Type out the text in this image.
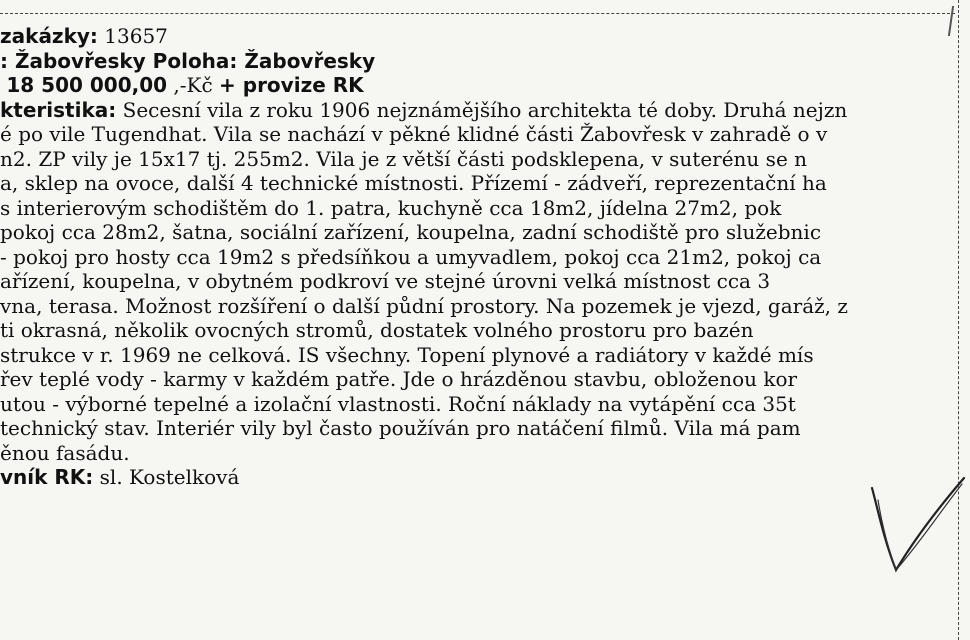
zakázky: 13657
: Žabovřesky Poloha: Žabovřesky
18 500 000,00 ,-Kč + provize RK
kteristika: Secesní vila z roku 1906 nejznámějšího architekta té doby. Druhá nejzn
é po vile Tugendhat. Vila se nachází v pěkné klidné části Žabovřesk v zahradě o v
n2. ZP vily je 15x17 tj. 255m2. Vila je z větší části podsklepena, v suterénu se n
a, sklep na ovoce, další 4 technické místnosti. Přízemí - zádveří, reprezentační ha
s interierovým schodištěm do 1. patra, kuchyně cca 18m2, jídelna 27m2, pok
pokoj cca 28m2, šatna, sociální zařízení, koupelna, zadní schodiště pro služebnic
- pokoj pro hosty cca 19m2 s předsíňkou a umyvadlem, pokoj cca 21m2, pokoj ca
ařízení, koupelna, v obytném podkroví ve stejné úrovni velká místnost cca 3
vna, terasa. Možnost rozšíření o další půdní prostory. Na pozemek je vjezd, garáž, z
ti okrasná, několik ovocných stromů, dostatek volného prostoru pro bazén
strukce v r. 1969 ne celková. IS všechny. Topení plynové a radiátory v každé mís
řev teplé vody - karmy v každém patře. Jde o hrázděnou stavbu, obloženou kor
utou - výborné tepelné a izolační vlastnosti. Roční náklady na vytápění cca 35t
technický stav. Interiér vily byl často používán pro natáčení filmů. Vila má pam
ěnou fasádu.
vník RK: sl. Kostelková
